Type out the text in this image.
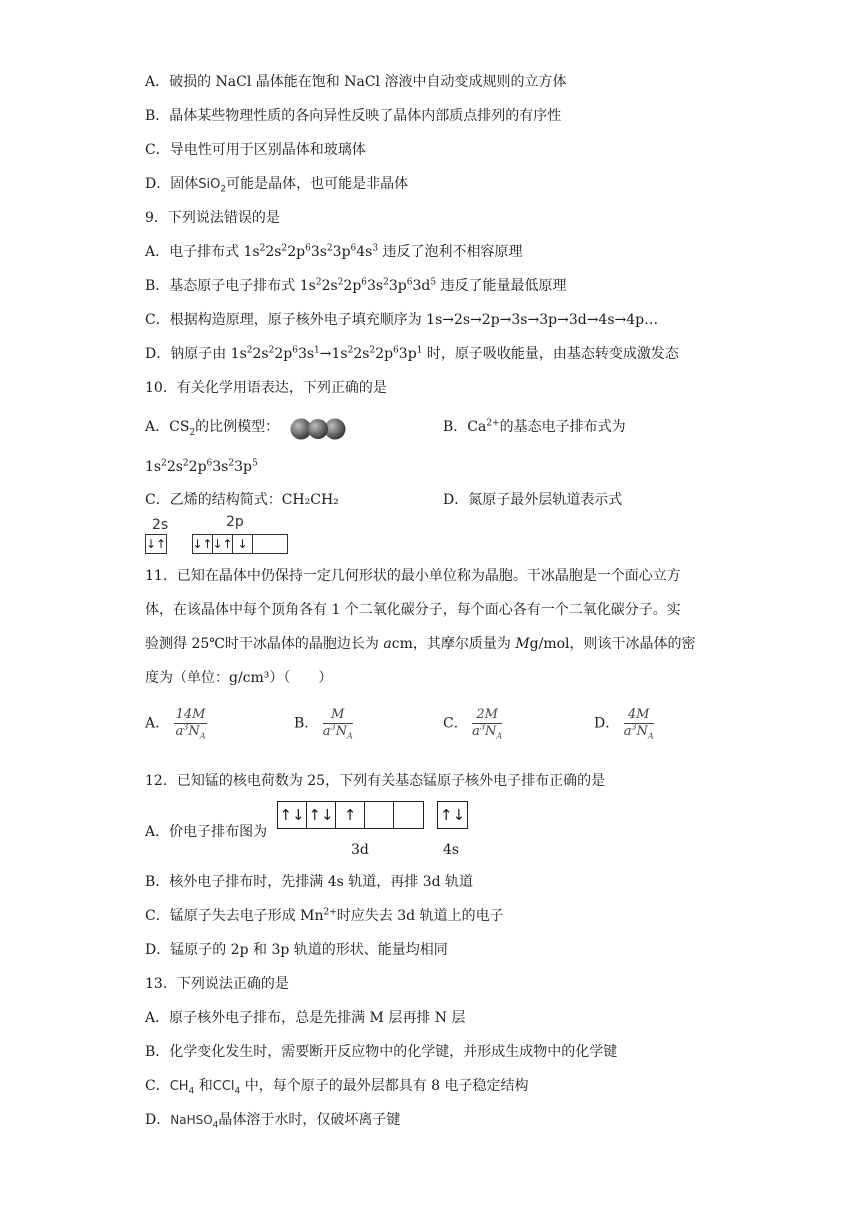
A．破损的 NaCl 晶体能在饱和 NaCl 溶液中自动变成规则的立方体
B．晶体某些物理性质的各向异性反映了晶体内部质点排列的有序性
C．导电性可用于区别晶体和玻璃体
D．固体SiO$_2$可能是晶体，也可能是非晶体
9．下列说法错误的是
A．电子排布式 $1s^22s^22p^63s^23p^64s^3$ 违反了泡利不相容原理
B．基态原子电子排布式 $1s^22s^22p^63s^23p^63d^5$ 违反了能量最低原理
C．根据构造原理，原子核外电子填充顺序为 1s→2s→2p→3s→3p→3d→4s→4p…
D．钠原子由 $1s^22s^22p^63s^1\to 1s^22s^22p^63p^1$ 时，原子吸收能量，由基态转变成激发态
10．有关化学用语表达，下列正确的是
A．$CS_2$的比例模型：	B．$Ca^{2+}$的基态电子排布式为
$1s^22s^22p^63s^23p^5$
C．乙烯的结构简式：CH₂CH₂	D．氮原子最外层轨道表示式
2s	2p
↓↑ ↓↑ ↓↑ ↓
11．已知在晶体中仍保持一定几何形状的最小单位称为晶胞。干冰晶胞是一个面心立方
体，在该晶体中每个顶角各有 1 个二氧化碳分子，每个面心各有一个二氧化碳分子。实
验测得 25℃时干冰晶体的晶胞边长为 acm，其摩尔质量为 Mg/mol，则该干冰晶体的密
度为（单位：g/cm³）（　　）
A． $\frac{14M}{a^3N_A}$	B． $\frac{M}{a^3N_A}$	C． $\frac{2M}{a^3N_A}$	D． $\frac{4M}{a^3N_A}$
12．已知锰的核电荷数为 25，下列有关基态锰原子核外电子排布正确的是
A．价电子排布图为
↑↓ ↑↓ ↑	↑↓
3d	4s
B．核外电子排布时，先排满 4s 轨道，再排 3d 轨道
C．锰原子失去电子形成 $Mn^{2+}$时应失去 3d 轨道上的电子
D．锰原子的 2p 和 3p 轨道的形状、能量均相同
13．下列说法正确的是
A．原子核外电子排布，总是先排满 M 层再排 N 层
B．化学变化发生时，需要断开反应物中的化学键，并形成生成物中的化学键
C．$CH_4$ 和CCl$_4$ 中，每个原子的最外层都具有 8 电子稳定结构
D．NaHSO$_4$晶体溶于水时，仅破坏离子键
